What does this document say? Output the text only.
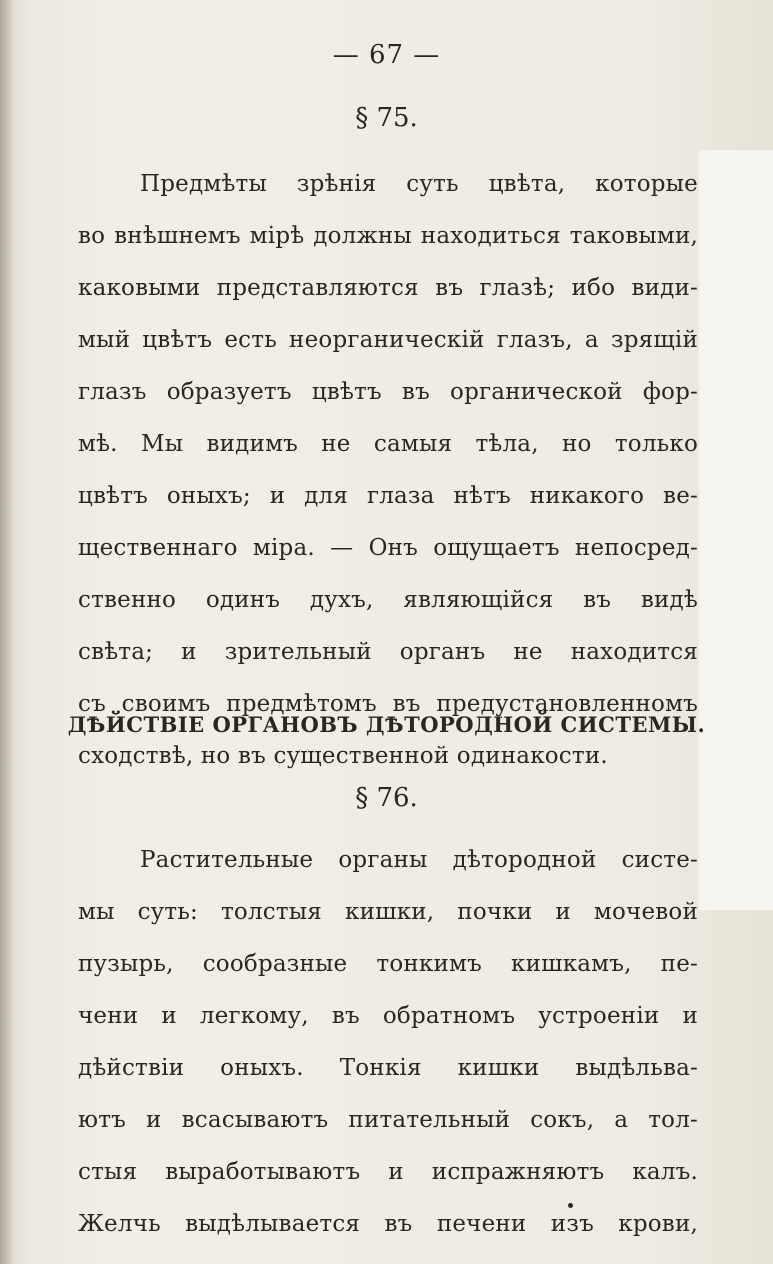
— 67 —
§ 75.
Предмѣты зрѣнія суть цвѣта, которые
во внѣшнемъ мірѣ должны находиться таковыми,
каковыми представляются въ глазѣ; ибо види-
мый цвѣтъ есть неорганическій глазъ, а зрящій
глазъ образуетъ цвѣтъ въ органической фор-
мѣ. Мы видимъ не самыя тѣла, но только
цвѣтъ оныхъ; и для глаза нѣтъ никакого ве-
щественнаго міра. — Онъ ощущаетъ непосред-
ственно одинъ духъ, являющійся въ видѣ
свѣта; и зрительный органъ не находится
съ своимъ предмѣтомъ въ предустановленномъ
сходствѣ, но въ существенной одинакости.
ДѢЙСТВІЕ ОРГАНОВЪ ДѢТОРОДНОЙ СИСТЕМЫ.
§ 76.
Растительные органы дѣтородной систе-
мы суть: толстыя кишки, почки и мочевой
пузырь, сообразные тонкимъ кишкамъ, пе-
чени и легкому, въ обратномъ устроеніи и
дѣйствіи оныхъ. Тонкія кишки выдѣльва-
ютъ и всасываютъ питательный сокъ, а тол-
стыя выработываютъ и испражняютъ калъ.
Желчь выдѣлывается въ печени изъ крови,
